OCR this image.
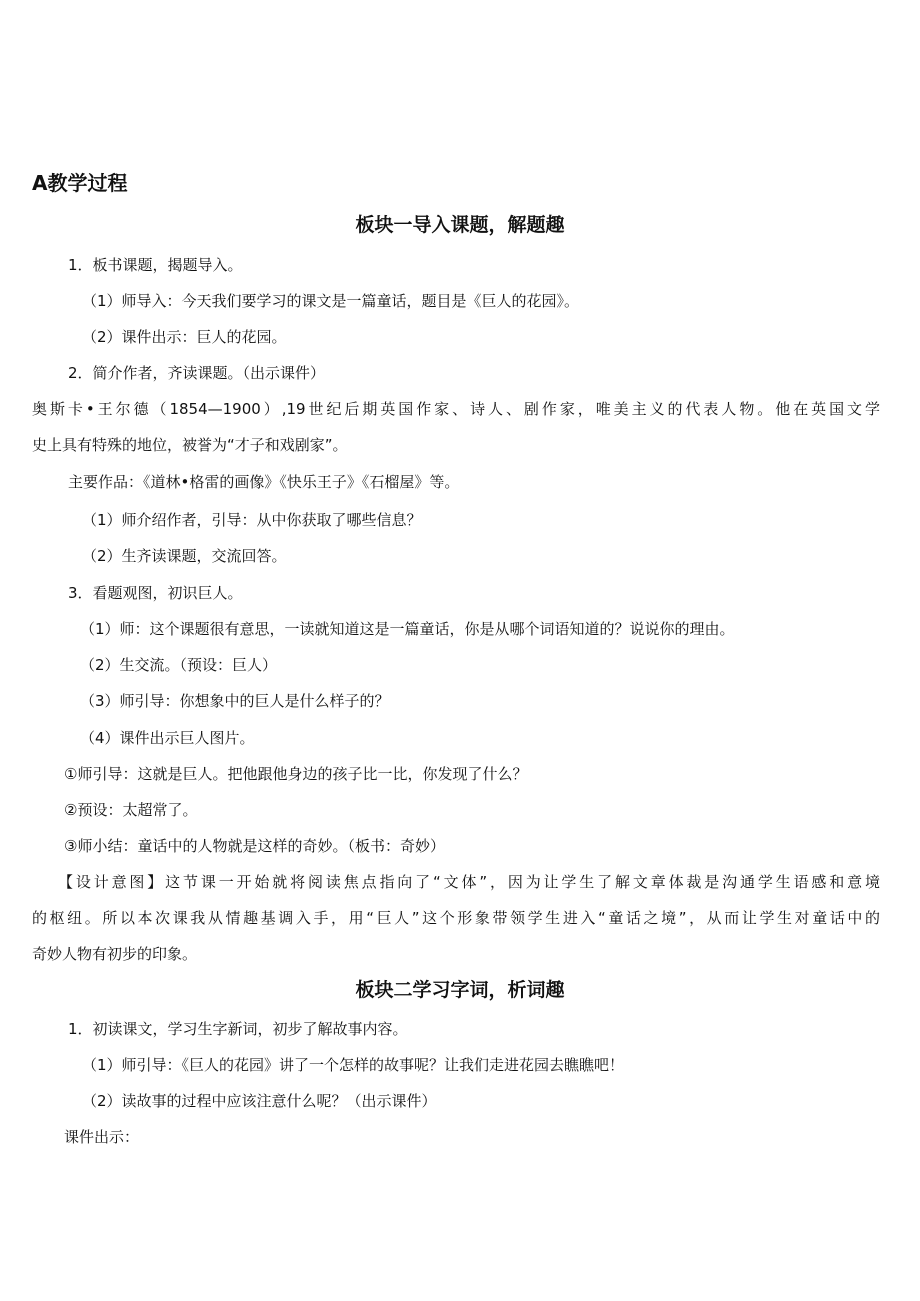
A教学过程
板块一导入课题，解题趣
1．板书课题，揭题导入。
（1）师导入：今天我们要学习的课文是一篇童话，题目是《巨人的花园》。
（2）课件出示：巨人的花园。
2．简介作者，齐读课题。（出示课件）
奥斯卡•王尔德（1854—1900）,19世纪后期英国作家、诗人、剧作家，唯美主义的代表人物。他在英国文学
史上具有特殊的地位，被誉为“才子和戏剧家”。
主要作品：《道林•格雷的画像》《快乐王子》《石榴屋》等。
（1）师介绍作者，引导：从中你获取了哪些信息？
（2）生齐读课题，交流回答。
3．看题观图，初识巨人。
（1）师：这个课题很有意思，一读就知道这是一篇童话，你是从哪个词语知道的？说说你的理由。
（2）生交流。（预设：巨人）
（3）师引导：你想象中的巨人是什么样子的？
（4）课件出示巨人图片。
①师引导：这就是巨人。把他跟他身边的孩子比一比，你发现了什么？
②预设：太超常了。
③师小结：童话中的人物就是这样的奇妙。（板书：奇妙）
【设计意图】这节课一开始就将阅读焦点指向了“文体”，因为让学生了解文章体裁是沟通学生语感和意境
的枢纽。所以本次课我从情趣基调入手，用“巨人”这个形象带领学生进入“童话之境”，从而让学生对童话中的
奇妙人物有初步的印象。
板块二学习字词，析词趣
1．初读课文，学习生字新词，初步了解故事内容。
（1）师引导：《巨人的花园》讲了一个怎样的故事呢？让我们走进花园去瞧瞧吧！
（2）读故事的过程中应该注意什么呢？（出示课件）
课件出示：
